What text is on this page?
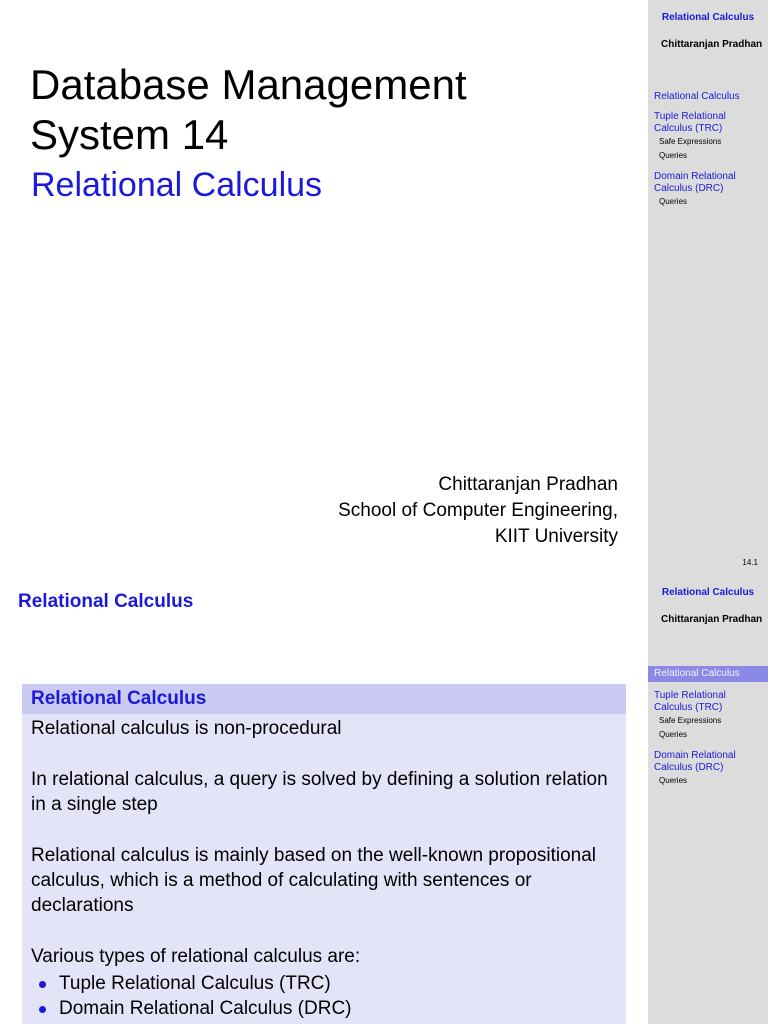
Database Management
System 14
Relational Calculus
Chittaranjan Pradhan
School of Computer Engineering,
KIIT University
Relational Calculus
Chittaranjan Pradhan
Relational Calculus
Tuple Relational Calculus (TRC)
Safe Expressions
Queries
Domain Relational Calculus (DRC)
Queries
14.1
Relational Calculus
Relational Calculus

Relational calculus is non-procedural

In relational calculus, a query is solved by defining a solution relation in a single step

Relational calculus is mainly based on the well-known propositional calculus, which is a method of calculating with sentences or declarations

Various types of relational calculus are:

Tuple Relational Calculus (TRC)
Domain Relational Calculus (DRC)
Relational Calculus
Chittaranjan Pradhan
Relational Calculus
Tuple Relational Calculus (TRC)
Safe Expressions
Queries
Domain Relational Calculus (DRC)
Queries
